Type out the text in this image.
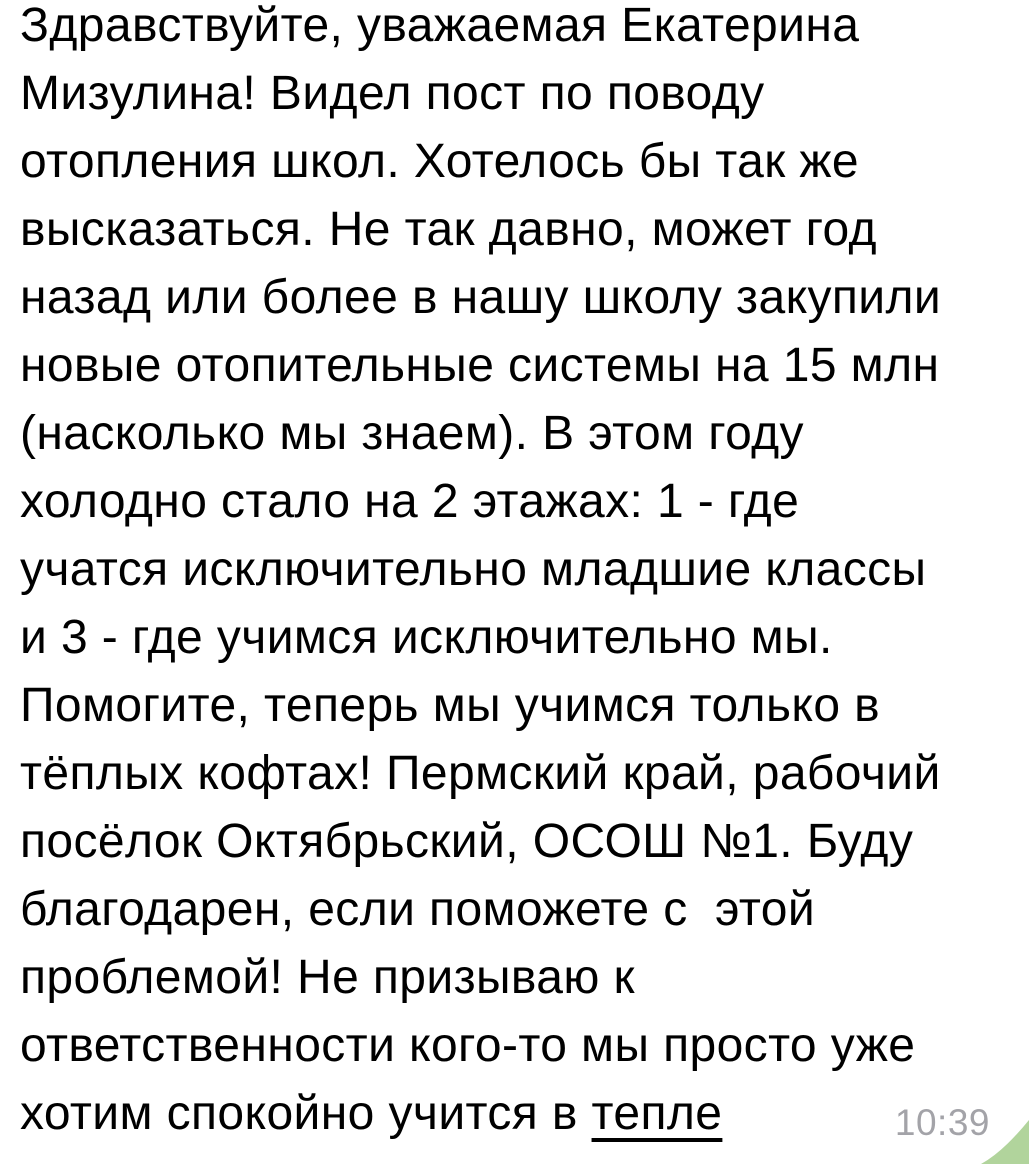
Здравствуйте, уважаемая Екатерина
Мизулина! Видел пост по поводу
отопления школ. Хотелось бы так же
высказаться. Не так давно, может год
назад или более в нашу школу закупили
новые отопительные системы на 15 млн
(насколько мы знаем). В этом году
холодно стало на 2 этажах: 1 - где
учатся исключительно младшие классы
и 3 - где учимся исключительно мы.
Помогите, теперь мы учимся только в
тёплых кофтах! Пермский край, рабочий
посёлок Октябрьский, ОСОШ №1. Буду
благодарен, если поможете с  этой
проблемой! Не призываю к
ответственности кого-то мы просто уже
хотим спокойно учится в тепле	10:39
